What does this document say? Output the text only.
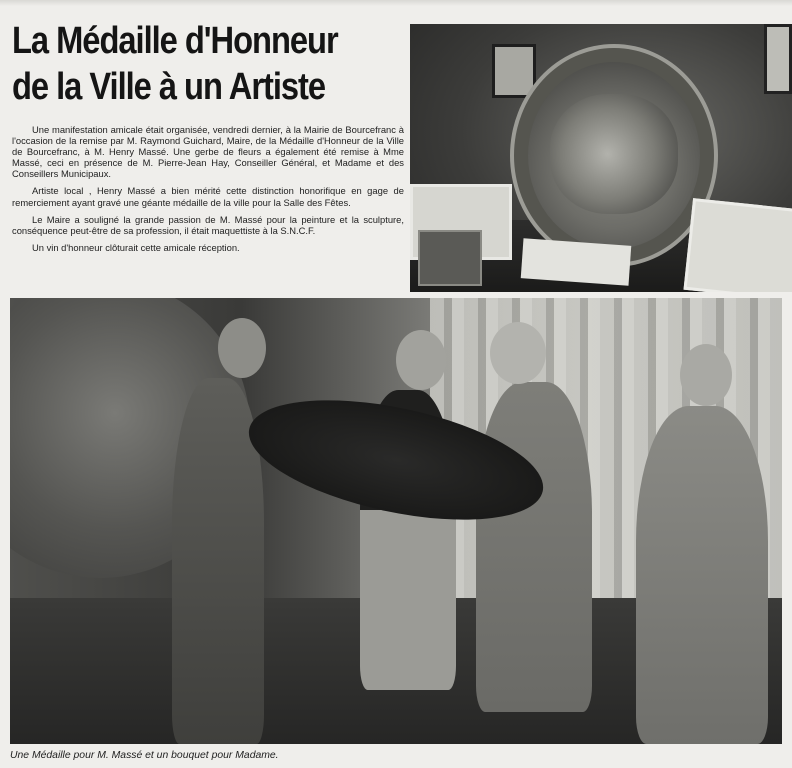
La Médaille d'Honneur
de la Ville à un Artiste

Une manifestation amicale était organisée, vendredi dernier, à la Mairie de Bourcefranc à l'occasion de la remise par M. Raymond Guichard, Maire, de la Médaille d'Honneur de la Ville de Bourcefranc, à M. Henry Massé. Une gerbe de fleurs a également été remise à Mme Massé, ceci en présence de M. Pierre-Jean Hay, Conseiller Général, et Madame et des Conseillers Municipaux.

Artiste local , Henry Massé a bien mérité cette distinction honorifique en gage de remerciement ayant gravé une géante médaille de la ville pour la Salle des Fêtes.

Le Maire a souligné la grande passion de M. Massé pour la peinture et la sculpture, conséquence peut-être de sa profession, il était maquettiste à la S.N.C.F.

Un vin d'honneur clôturait cette amicale réception.

Une Médaille pour M. Massé et un bouquet pour Madame.
